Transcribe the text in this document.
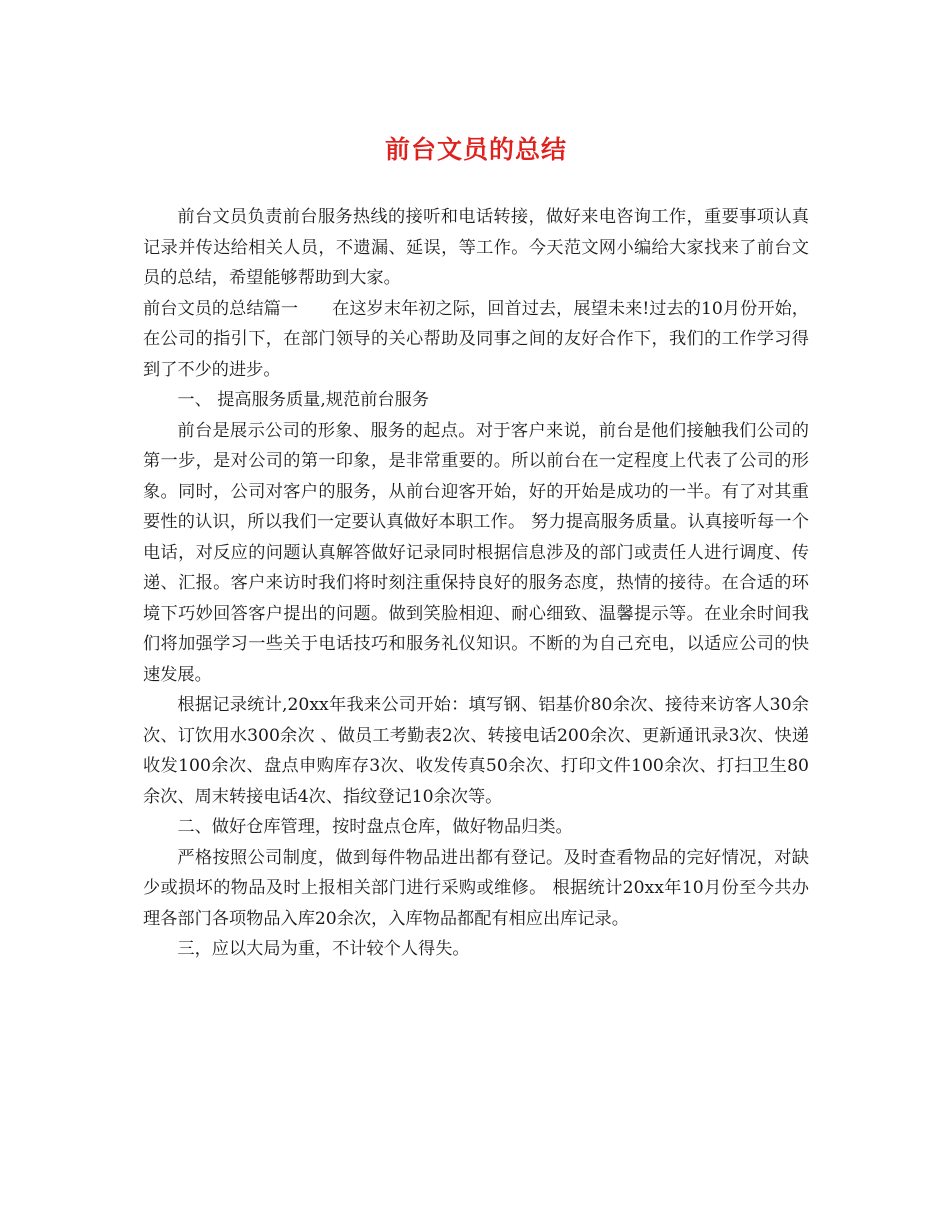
前台文员的总结

前台文员负责前台服务热线的接听和电话转接，做好来电咨询工作，重要事项认真记录并传达给相关人员，不遗漏、延误，等工作。今天范文网小编给大家找来了前台文员的总结，希望能够帮助到大家。

前台文员的总结篇一 在这岁末年初之际，回首过去，展望未来!过去的10月份开始，在公司的指引下，在部门领导的关心帮助及同事之间的友好合作下，我们的工作学习得到了不少的进步。

一、 提高服务质量,规范前台服务

前台是展示公司的形象、服务的起点。对于客户来说，前台是他们接触我们公司的第一步，是对公司的第一印象，是非常重要的。所以前台在一定程度上代表了公司的形象。同时，公司对客户的服务，从前台迎客开始，好的开始是成功的一半。有了对其重要性的认识，所以我们一定要认真做好本职工作。 努力提高服务质量。认真接听每一个电话，对反应的问题认真解答做好记录同时根据信息涉及的部门或责任人进行调度、传递、汇报。客户来访时我们将时刻注重保持良好的服务态度，热情的接待。在合适的环境下巧妙回答客户提出的问题。做到笑脸相迎、耐心细致、温馨提示等。在业余时间我们将加强学习一些关于电话技巧和服务礼仪知识。不断的为自己充电，以适应公司的快速发展。

根据记录统计,20xx年我来公司开始：填写钢、铝基价80余次、接待来访客人30余次、订饮用水300余次 、做员工考勤表2次、转接电话200余次、更新通讯录3次、快递收发100余次、盘点申购库存3次、收发传真50余次、打印文件100余次、打扫卫生80余次、周末转接电话4次、指纹登记10余次等。

二、做好仓库管理，按时盘点仓库，做好物品归类。

严格按照公司制度，做到每件物品进出都有登记。及时查看物品的完好情况，对缺少或损坏的物品及时上报相关部门进行采购或维修。 根据统计20xx年10月份至今共办理各部门各项物品入库20余次，入库物品都配有相应出库记录。

三，应以大局为重，不计较个人得失。
